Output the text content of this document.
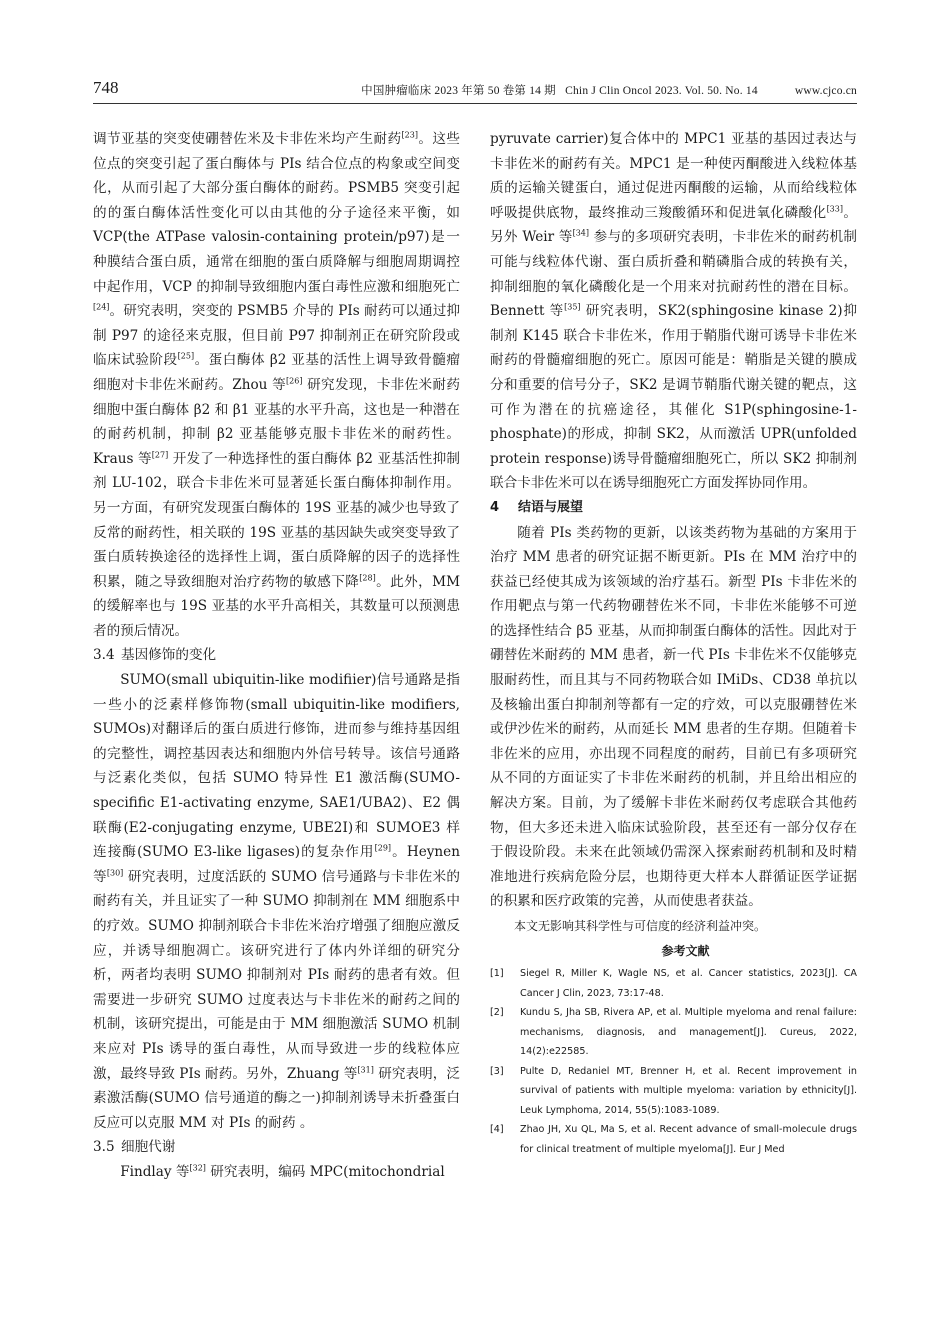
748	中国肿瘤临床 2023 年第 50 卷第 14 期 Chin J Clin Oncol 2023. Vol. 50. No. 14	www.cjco.cn

调节亚基的突变使硼替佐米及卡非佐米均产生耐药[23]。这些位点的突变引起了蛋白酶体与 PIs 结合位点的构象或空间变化，从而引起了大部分蛋白酶体的耐药。PSMB5 突变引起的的蛋白酶体活性变化可以由其他的分子途径来平衡，如 VCP(the ATPase valosin-containing protein/p97)是一种膜结合蛋白质，通常在细胞的蛋白质降解与细胞周期调控中起作用，VCP 的抑制导致细胞内蛋白毒性应激和细胞死亡[24]。研究表明，突变的 PSMB5 介导的 PIs 耐药可以通过抑制 P97 的途径来克服，但目前 P97 抑制剂正在研究阶段或临床试验阶段[25]。蛋白酶体 β2 亚基的活性上调导致骨髓瘤细胞对卡非佐米耐药。Zhou 等[26] 研究发现，卡非佐米耐药细胞中蛋白酶体 β2 和 β1 亚基的水平升高，这也是一种潜在的耐药机制，抑制 β2 亚基能够克服卡非佐米的耐药性。Kraus 等[27] 开发了一种选择性的蛋白酶体 β2 亚基活性抑制剂 LU-102，联合卡非佐米可显著延长蛋白酶体抑制作用。另一方面，有研究发现蛋白酶体的 19S 亚基的减少也导致了反常的耐药性，相关联的 19S 亚基的基因缺失或突变导致了蛋白质转换途径的选择性上调，蛋白质降解的因子的选择性积累，随之导致细胞对治疗药物的敏感下降[28]。此外，MM 的缓解率也与 19S 亚基的水平升高相关，其数量可以预测患者的预后情况。

3.4 基因修饰的变化

SUMO(small ubiquitin-like modifiier)信号通路是指一些小的泛素样修饰物(small ubiquitin-like modifiers, SUMOs)对翻译后的蛋白质进行修饰，进而参与维持基因组的完整性，调控基因表达和细胞内外信号转导。该信号通路与泛素化类似，包括 SUMO 特异性 E1 激活酶(SUMO-specifific E1-activating enzyme, SAE1/UBA2)、E2 偶联酶(E2-conjugating enzyme, UBE2I)和 SUMOE3 样连接酶(SUMO E3-like ligases)的复杂作用[29]。Heynen 等[30] 研究表明，过度活跃的 SUMO 信号通路与卡非佐米的耐药有关，并且证实了一种 SUMO 抑制剂在 MM 细胞系中的疗效。SUMO 抑制剂联合卡非佐米治疗增强了细胞应激反应，并诱导细胞凋亡。该研究进行了体内外详细的研究分析，两者均表明 SUMO 抑制剂对 PIs 耐药的患者有效。但需要进一步研究 SUMO 过度表达与卡非佐米的耐药之间的机制，该研究提出，可能是由于 MM 细胞激活 SUMO 机制来应对 PIs 诱导的蛋白毒性，从而导致进一步的线粒体应激，最终导致 PIs 耐药。另外，Zhuang 等[31] 研究表明，泛素激活酶(SUMO 信号通道的酶之一)抑制剂诱导未折叠蛋白反应可以克服 MM 对 PIs 的耐药 。

3.5 细胞代谢

Findlay 等[32] 研究表明，编码 MPC(mitochondrial

pyruvate carrier)复合体中的 MPC1 亚基的基因过表达与卡非佐米的耐药有关。MPC1 是一种使丙酮酸进入线粒体基质的运输关键蛋白，通过促进丙酮酸的运输，从而给线粒体呼吸提供底物，最终推动三羧酸循环和促进氧化磷酸化[33]。另外 Weir 等[34] 参与的多项研究表明，卡非佐米的耐药机制可能与线粒体代谢、蛋白质折叠和鞘磷脂合成的转换有关，抑制细胞的氧化磷酸化是一个用来对抗耐药性的潜在目标。Bennett 等[35] 研究表明，SK2(sphingosine kinase 2)抑制剂 K145 联合卡非佐米，作用于鞘脂代谢可诱导卡非佐米耐药的骨髓瘤细胞的死亡。原因可能是：鞘脂是关键的膜成分和重要的信号分子，SK2 是调节鞘脂代谢关键的靶点，这可作为潜在的抗癌途径，其催化 S1P(sphingosine-1-phosphate)的形成，抑制 SK2，从而激活 UPR(unfolded protein response)诱导骨髓瘤细胞死亡，所以 SK2 抑制剂联合卡非佐米可以在诱导细胞死亡方面发挥协同作用。

4 结语与展望

随着 PIs 类药物的更新，以该类药物为基础的方案用于治疗 MM 患者的研究证据不断更新。PIs 在 MM 治疗中的获益已经使其成为该领域的治疗基石。新型 PIs 卡非佐米的作用靶点与第一代药物硼替佐米不同，卡非佐米能够不可逆的选择性结合 β5 亚基，从而抑制蛋白酶体的活性。因此对于硼替佐米耐药的 MM 患者，新一代 PIs 卡非佐米不仅能够克服耐药性，而且其与不同药物联合如 IMiDs、CD38 单抗以及核输出蛋白抑制剂等都有一定的疗效，可以克服硼替佐米或伊沙佐米的耐药，从而延长 MM 患者的生存期。但随着卡非佐米的应用，亦出现不同程度的耐药，目前已有多项研究从不同的方面证实了卡非佐米耐药的机制，并且给出相应的解决方案。目前，为了缓解卡非佐米耐药仅考虑联合其他药物，但大多还未进入临床试验阶段，甚至还有一部分仅存在于假设阶段。未来在此领域仍需深入探索耐药机制和及时精准地进行疾病危险分层，也期待更大样本人群循证医学证据的积累和医疗政策的完善，从而使患者获益。

本文无影响其科学性与可信度的经济利益冲突。

参考文献

[1] Siegel R, Miller K, Wagle NS, et al. Cancer statistics, 2023[J]. CA Cancer J Clin, 2023, 73:17-48.
[2] Kundu S, Jha SB, Rivera AP, et al. Multiple myeloma and renal failure: mechanisms, diagnosis, and management[J]. Cureus, 2022, 14(2):e22585.
[3] Pulte D, Redaniel MT, Brenner H, et al. Recent improvement in survival of patients with multiple myeloma: variation by ethnicity[J]. Leuk Lymphoma, 2014, 55(5):1083-1089.
[4] Zhao JH, Xu QL, Ma S, et al. Recent advance of small-molecule drugs for clinical treatment of multiple myeloma[J]. Eur J Med
